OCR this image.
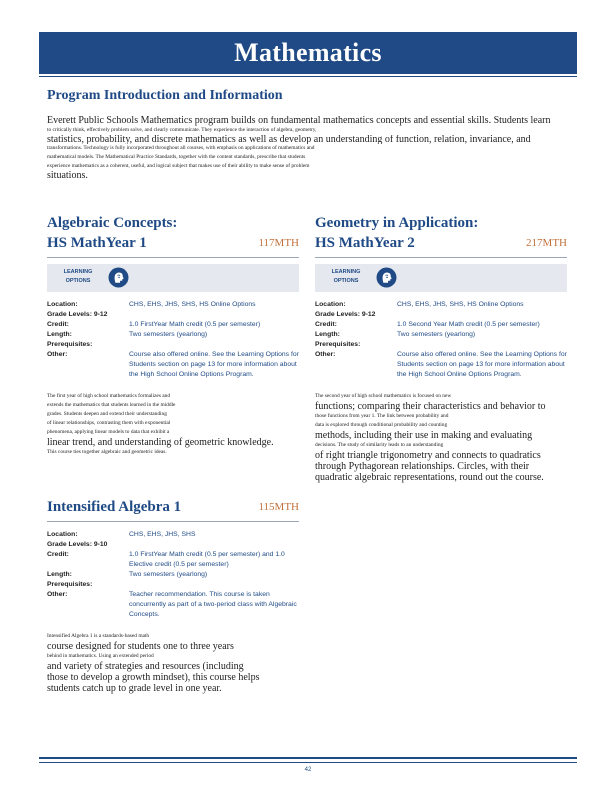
Mathematics
Program Introduction and Information
Everett Public Schools Mathematics program builds on fundamental mathematics concepts and essential skills. Students learn
to critically think, effectively problem solve, and clearly communicate. They experience the interaction of algebra, geometry,
statistics, probability, and discrete mathematics as well as develop an understanding of function, relation, invariance, and
transformations. Technology is fully incorporated throughout all courses, with emphasis on applications of mathematics and
mathematical models. The Mathematical Practice Standards, together with the content standards, prescribe that students
experience mathematics as a coherent, useful, and logical subject that makes use of their ability to make sense of problem
situations.
Algebraic Concepts:
HS MathYear 1	117MTH
LEARNING OPTIONS
Location:	CHS, EHS, JHS, SHS, HS Online Options
Grade Levels: 9-12
Credit:	1.0 FirstYear Math credit (0.5 per semester)
Length:	Two semesters (yearlong)
Prerequisites:
Other:	Course also offered online. See the Learning Options for Students section on page 13 for more information about the High School Online Options Program.
The first year of high school mathematics formalizes and
extends the mathematics that students learned in the middle
grades. Students deepen and extend their understanding
of linear relationships, contrasting them with exponential
phenomena, applying linear models to data that exhibit a
linear trend, and understanding of geometric knowledge.
This course ties together algebraic and geometric ideas.
Geometry in Application:
HS MathYear 2	217MTH
LEARNING OPTIONS
Location:	CHS, EHS, JHS, SHS, HS Online Options
Grade Levels: 9-12
Credit:	1.0 Second Year Math credit (0.5 per semester)
Length:	Two semesters (yearlong)
Prerequisites:
Other:	Course also offered online. See the Learning Options for Students section on page 13 for more information about the High School Online Options Program.
The second year of high school mathematics is focused on new
functions; comparing their characteristics and behavior to
those functions from year 1. The link between probability and
data is explored through conditional probability and counting
methods, including their use in making and evaluating
decisions. The study of similarity leads to an understanding
of right triangle trigonometry and connects to quadratics
through Pythagorean relationships. Circles, with their
quadratic algebraic representations, round out the course.
Intensified Algebra 1	115MTH
Location:	CHS, EHS, JHS, SHS
Grade Levels: 9-10
Credit:	1.0 FirstYear Math credit (0.5 per semester) and 1.0 Elective credit (0.5 per semester)
Length:	Two semesters (yearlong)
Prerequisites:
Other:	Teacher recommendation. This course is taken concurrently as part of a two-period class with Algebraic Concepts.
Intensified Algebra 1 is a standards-based math
course designed for students one to three years
behind in mathematics. Using an extended period
and variety of strategies and resources (including
those to develop a growth mindset), this course helps
students catch up to grade level in one year.
42
